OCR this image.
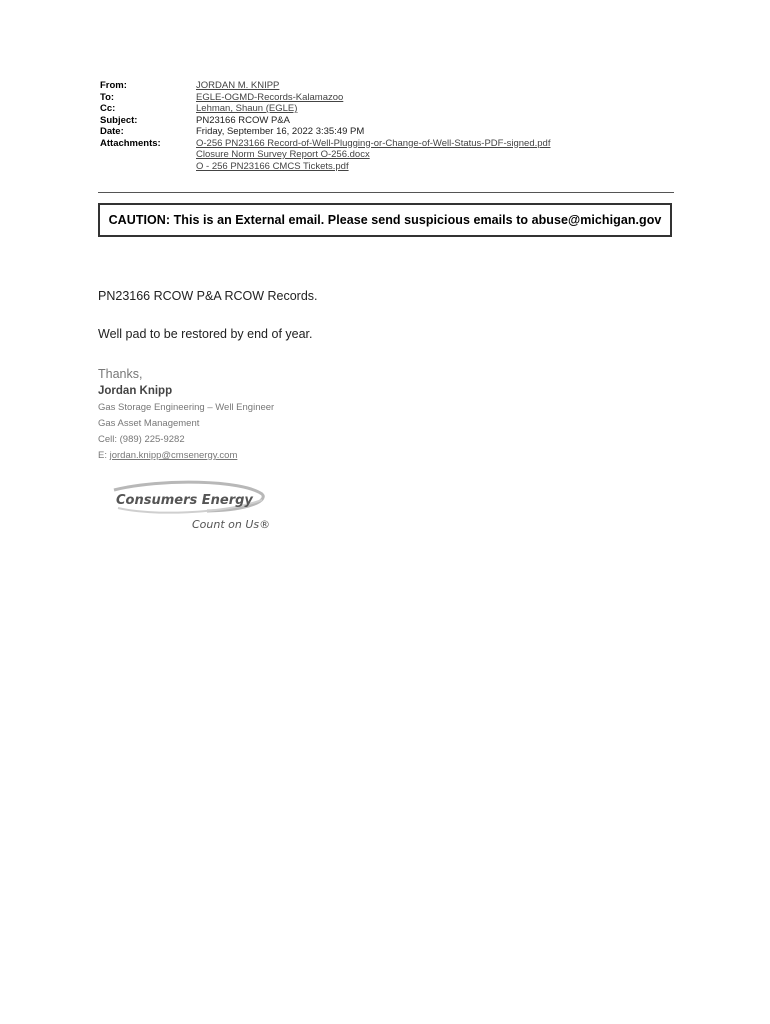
From:	JORDAN M. KNIPP
To:	EGLE-OGMD-Records-Kalamazoo
Cc:	Lehman, Shaun (EGLE)
Subject:	PN23166 RCOW P&A
Date:	Friday, September 16, 2022 3:35:49 PM
Attachments:	O-256 PN23166 Record-of-Well-Plugging-or-Change-of-Well-Status-PDF-signed.pdf
Closure Norm Survey Report O-256.docx
O - 256 PN23166 CMCS Tickets.pdf
CAUTION: This is an External email. Please send suspicious emails to abuse@michigan.gov
PN23166 RCOW P&A RCOW Records.
Well pad to be restored by end of year.
Thanks,
Jordan Knipp
Gas Storage Engineering – Well Engineer
Gas Asset Management
Cell: (989) 225-9282
E: jordan.knipp@cmsenergy.com
Consumers Energy
Count on Us®
